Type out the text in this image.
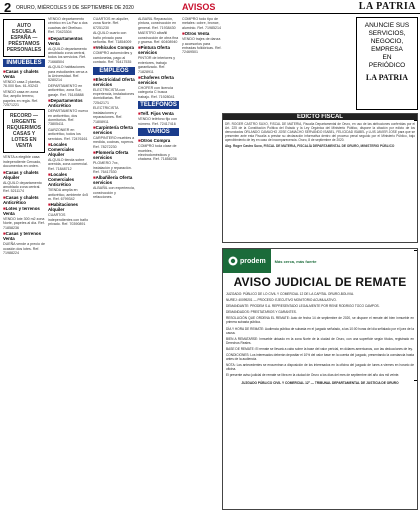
2 ORURO, MIÉRCOLES 9 DE SEPTIEMBRE DE 2020	AVISOS	LA PATRIA
AUTO ESCUELA ESPAÑA — PRÉSTAMOS PERSONALES
INMUEBLES
■ Casas y chalets Venta

VENDO casa 2 plantas, 76.000 $us. 61-93243

VENDO casa en zona Sur, amplio terreno, papeles en regla. Ref. 72571221

RECORD — URGENTE REQUERIMOS CASAS Y LOTES EN VENTA

VENTA a elegible casa independiente Cercado, documentos en orden.

■ Casas y chalets Alquiler

ALQUILO departamento amoblado zona central. Ref. 5211174

■ Casas y chalets Anticrético
■ Lotes y terrenos Venta

VENDO lote 300 m2 zona Norte, papeles al día. Ref. 71858236

■ Casas y terrenos Venta

DUEÑA vende a precio de ocasión dos lotes. Ref. 71988224

VENDO departamento céntrico en La Paz a dos cuadras del Obelisco. Ref. 70423304

■ Departamentos Venta

ALQUILO departamento amoblado zona central, todos los servicios. Ref. 71668504

ALQUILO habitaciones para estudiantes cerca a la Universidad. Ref. 5280214

DEPARTAMENTO en anticrético, zona Sur, garaje. Ref. 76145888

■ Departamentos Anticrético

DEPARTAMENTO nuevo en anticrético, dos dormitorios. Ref. 73805411

GARZONIER en anticrético, todos los servicios. Ref. 72476161

■ Locales Comerciales Alquiler

ALQUILO tienda sobre avenida, zona comercial. Ref. 71848712

■ Locales Comerciales Anticrético

TIENDA amplia en anticrético, ambiente 4x5 m. Ref. 6799342

■ Habitaciones Alquiler

CUARTOS independientes con baño privado. Ref. 70390891

CUARTOS en alquiler, zona Norte. Ref. 67251230

ALQUILO cuarto con baño privado para señorita. Ref. 71854009

■ Vehículos Compra

COMPRO automóviles y camionetas, pago al contado. Ref. 76417535

EMPLEOS
■ Electricidad Oferta servicios

ELECTRICISTA con experiencia, instalaciones domiciliarias. Ref. 72542171

ELECTRICISTA instalaciones y reparaciones. Ref. 71808911

■ Carpintería Oferta servicios

CARPINTERO muebles a medida, cocinas, roperos. Ref. 78272230

■ Plomería Oferta servicios

PLOMERO 7xx, instalación y reparación. Ref. 76417530

■ Albañilería Oferta servicios

ALBAÑIL con experiencia, construcción y refacciones.

ALBAÑIL Reparación, pintura, construcción en general. Ref. 71938430

MAESTRO albañil construcción de obra fina y gruesa. Ref. 60408940

■ Pintura Oferta servicios

PINTOR de interiores y exteriores, trabajo garantizado. Ref. 71828911

■ Choferes Oferta servicios

CHOFER con licencia categoría C busca trabajo. Ref. 71928041

TELÉFONOS
■ Telf. Fijos Venta

VENDO teléfono fijo con número. Ref. 72417416

VARIOS
■ Otros Compra

COMPRO toda clase de muebles, electrodomésticos y chatarra. Ref. 71858236

COMPRO todo tipo de metales: cobre, bronce, aluminio. Ref. 71985214

■ Otros Venta

VENDO trajes de danza y accesorios para entradas folklóricas. Ref. 72469501

ANUNCIE SUS
SERVICIOS,
NEGOCIO,
EMPRESA
EN
PERIÓDICO
LA PATRIA
EDICTO FISCAL

DR. ROGER CASTRO SUXO, FISCAL DE MATERIA, Fiscalía Departamental de Oruro, en uso de las atribuciones conferidas por el Art. 225 de la Constitución Política del Estado y la Ley Orgánica del Ministerio Público, dispone la citación por edicto de los denunciados ORLANDO CAMACHO JOSE CAMACHO SERVANDO ISABEL, FELICIDAD ISABEL y LUIS JAVIER JOSE para que se presenten ante esta Fiscalía a prestar su declaración informativa dentro del proceso penal seguido por el Ministerio Público, bajo apercibimiento de ley en caso de incomparecencia. Oruro, 8 de septiembre de 2020.

Abg. Roger Castro Suxo, FISCAL DE MATERIA, FISCALÍA DEPARTAMENTAL DE ORURO, MINISTERIO PÚBLICO

prodem	Más cerca, más fuerte
AVISO JUDICIAL DE REMATE

JUZGADO: PÚBLICO DE LO CIVIL Y COMERCIAL 12 DE LA CAPITAL ORURO-BOLIVIA.

NUREJ: 40099201 — PROCESO: EJECUTIVO MONITORIO ACUMULATIVO.

DEMANDANTE: PRODEM S.A. REPRESENTADO LEGALMENTE POR RENE RODRIGO TOCO CAMPOS.

DEMANDADOS: PRESTATARIOS Y GARANTES.

RESOLUCIÓN QUE ORDENA EL REMATE: Auto de fecha 14 de septiembre de 2020, se dispone el remate del bien inmueble en primera subasta pública.

DÍA Y HORA DE REMATE: Audiencia pública de subasta en el juzgado señalado, a las 10:00 horas del día señalado por el juez de la causa.

BIEN A REMATARSE: Inmueble ubicado en la zona Norte de la ciudad de Oruro, con una superficie según títulos, registrado en Derechos Reales.

BASE DE REMATE: El remate se llevará a cabo sobre la base del valor pericial, en dólares americanos, con las deducciones de ley.

CONDICIONES: Los interesados deberán depositar el 10% del valor base en la cuenta del juzgado, presentando la constancia hasta antes de la audiencia.

NOTA: Los antecedentes se encuentran a disposición de los interesados en la oficina del juzgado de lunes a viernes en horario de oficina.

El presente aviso judicial de remate se libra en la ciudad de Oruro a los días del mes de septiembre del año dos mil veinte.

JUZGADO PÚBLICO CIVIL Y COMERCIAL 12° — TRIBUNAL DEPARTAMENTAL DE JUSTICIA DE ORURO
